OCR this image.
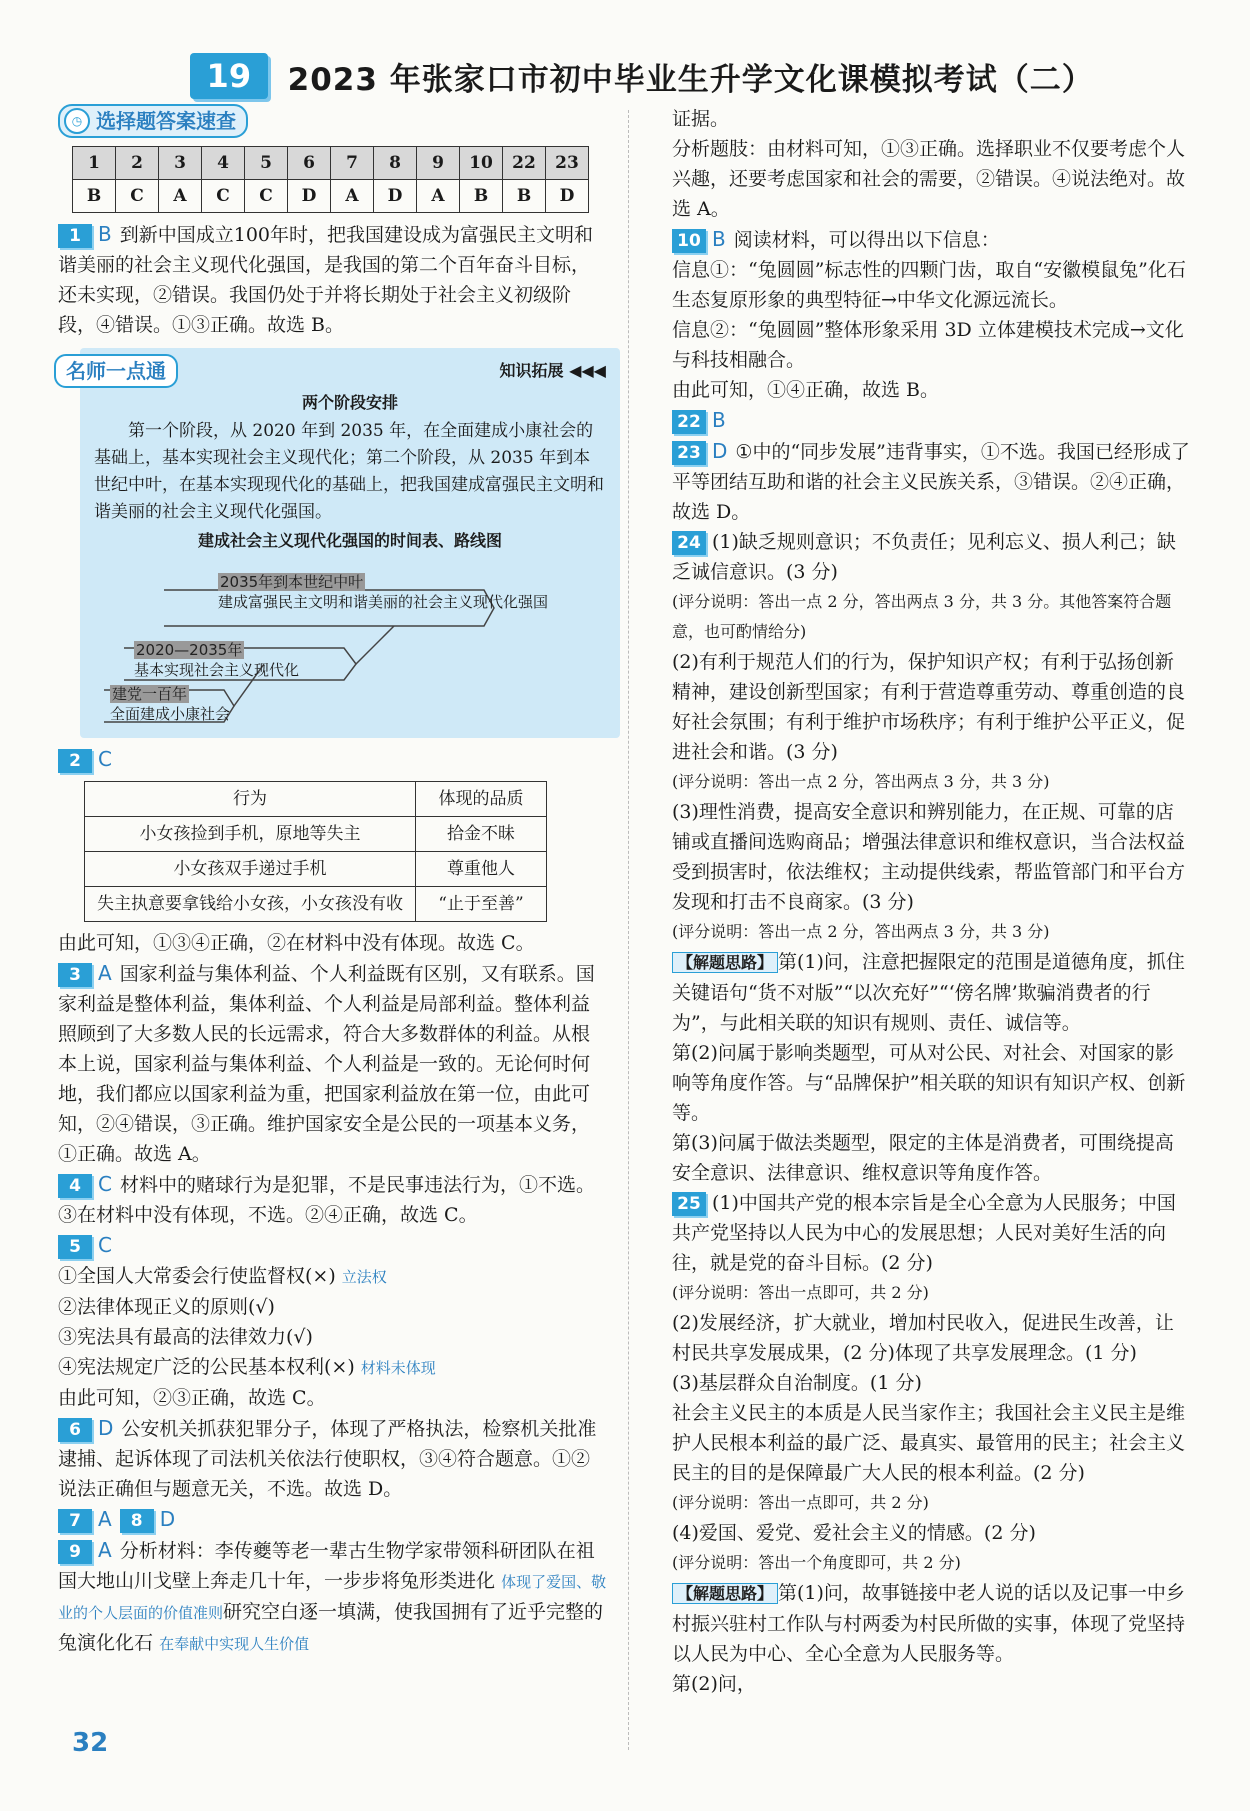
19	2023 年张家口市初中毕业生升学文化课模拟考试（二）
◷ 选择题答案速查
1	2	3	4	5	6	7	8	9	10	22	23
B	C	A	C	C	D	A	D	A	B	B	D

1 B 到新中国成立100年时，把我国建设成为富强民主文明和谐美丽的社会主义现代化强国，是我国的第二个百年奋斗目标，还未实现，②错误。我国仍处于并将长期处于社会主义初级阶段，④错误。①③正确。故选 B。

名师一点通	知识拓展 ◀◀◀
两个阶段安排
第一个阶段，从 2020 年到 2035 年，在全面建成小康社会的基础上，基本实现社会主义现代化；第二个阶段，从 2035 年到本世纪中叶，在基本实现现代化的基础上，把我国建成富强民主文明和谐美丽的社会主义现代化强国。
建成社会主义现代化强国的时间表、路线图
2035年到本世纪中叶
建成富强民主文明和谐美丽的社会主义现代化强国
2020—2035年
基本实现社会主义现代化
建党一百年
全面建成小康社会

2 C

行为	体现的品质
小女孩捡到手机，原地等失主	拾金不昧
小女孩双手递过手机	尊重他人
失主执意要拿钱给小女孩，小女孩没有收	“止于至善”

由此可知，①③④正确，②在材料中没有体现。故选 C。

3 A 国家利益与集体利益、个人利益既有区别，又有联系。国家利益是整体利益，集体利益、个人利益是局部利益。整体利益照顾到了大多数人民的长远需求，符合大多数群体的利益。从根本上说，国家利益与集体利益、个人利益是一致的。无论何时何地，我们都应以国家利益为重，把国家利益放在第一位，由此可知，②④错误，③正确。维护国家安全是公民的一项基本义务，①正确。故选 A。

4 C 材料中的赌球行为是犯罪，不是民事违法行为，①不选。③在材料中没有体现，不选。②④正确，故选 C。

5 C

①全国人大常委会行使监督权(×) 立法权

②法律体现正义的原则(√)

③宪法具有最高的法律效力(√)

④宪法规定广泛的公民基本权利(×) 材料未体现

由此可知，②③正确，故选 C。

6 D 公安机关抓获犯罪分子，体现了严格执法，检察机关批准逮捕、起诉体现了司法机关依法行使职权，③④符合题意。①②说法正确但与题意无关，不选。故选 D。

7 A 8 D

9 A 分析材料：李传夔等老一辈古生物学家带领科研团队在祖国大地山川戈壁上奔走几十年，一步步将兔形类进化 体现了爱国、敬业的个人层面的价值准则研究空白逐一填满，使我国拥有了近乎完整的兔演化化石 在奉献中实现人生价值

证据。

分析题肢：由材料可知，①③正确。选择职业不仅要考虑个人兴趣，还要考虑国家和社会的需要，②错误。④说法绝对。故选 A。

10 B 阅读材料，可以得出以下信息：

信息①：“兔圆圆”标志性的四颗门齿，取自“安徽模鼠兔”化石生态复原形象的典型特征→中华文化源远流长。

信息②：“兔圆圆”整体形象采用 3D 立体建模技术完成→文化与科技相融合。

由此可知，①④正确，故选 B。

22 B

23 D ①中的“同步发展”违背事实，①不选。我国已经形成了平等团结互助和谐的社会主义民族关系，③错误。②④正确，故选 D。

24 (1)缺乏规则意识；不负责任；见利忘义、损人利己；缺乏诚信意识。(3 分)

(评分说明：答出一点 2 分，答出两点 3 分，共 3 分。其他答案符合题意，也可酌情给分)

(2)有利于规范人们的行为，保护知识产权；有利于弘扬创新精神，建设创新型国家；有利于营造尊重劳动、尊重创造的良好社会氛围；有利于维护市场秩序；有利于维护公平正义，促进社会和谐。(3 分)

(评分说明：答出一点 2 分，答出两点 3 分，共 3 分)

(3)理性消费，提高安全意识和辨别能力，在正规、可靠的店铺或直播间选购商品；增强法律意识和维权意识，当合法权益受到损害时，依法维权；主动提供线索，帮监管部门和平台方发现和打击不良商家。(3 分)

(评分说明：答出一点 2 分，答出两点 3 分，共 3 分)

【解题思路】 第(1)问，注意把握限定的范围是道德角度，抓住关键语句“货不对版”“以次充好”“‘傍名牌’欺骗消费者的行为”，与此相关联的知识有规则、责任、诚信等。

第(2)问属于影响类题型，可从对公民、对社会、对国家的影响等角度作答。与“品牌保护”相关联的知识有知识产权、创新等。

第(3)问属于做法类题型，限定的主体是消费者，可围绕提高安全意识、法律意识、维权意识等角度作答。

25 (1)中国共产党的根本宗旨是全心全意为人民服务；中国共产党坚持以人民为中心的发展思想；人民对美好生活的向往，就是党的奋斗目标。(2 分)

(评分说明：答出一点即可，共 2 分)

(2)发展经济，扩大就业，增加村民收入，促进民生改善，让村民共享发展成果，(2 分)体现了共享发展理念。(1 分)

(3)基层群众自治制度。(1 分)

社会主义民主的本质是人民当家作主；我国社会主义民主是维护人民根本利益的最广泛、最真实、最管用的民主；社会主义民主的目的是保障最广大人民的根本利益。(2 分)

(评分说明：答出一点即可，共 2 分)

(4)爱国、爱党、爱社会主义的情感。(2 分)

(评分说明：答出一个角度即可，共 2 分)

【解题思路】 第(1)问，故事链接中老人说的话以及记事一中乡村振兴驻村工作队与村两委为村民所做的实事，体现了党坚持以人民为中心、全心全意为人民服务等。

第(2)问，

32
